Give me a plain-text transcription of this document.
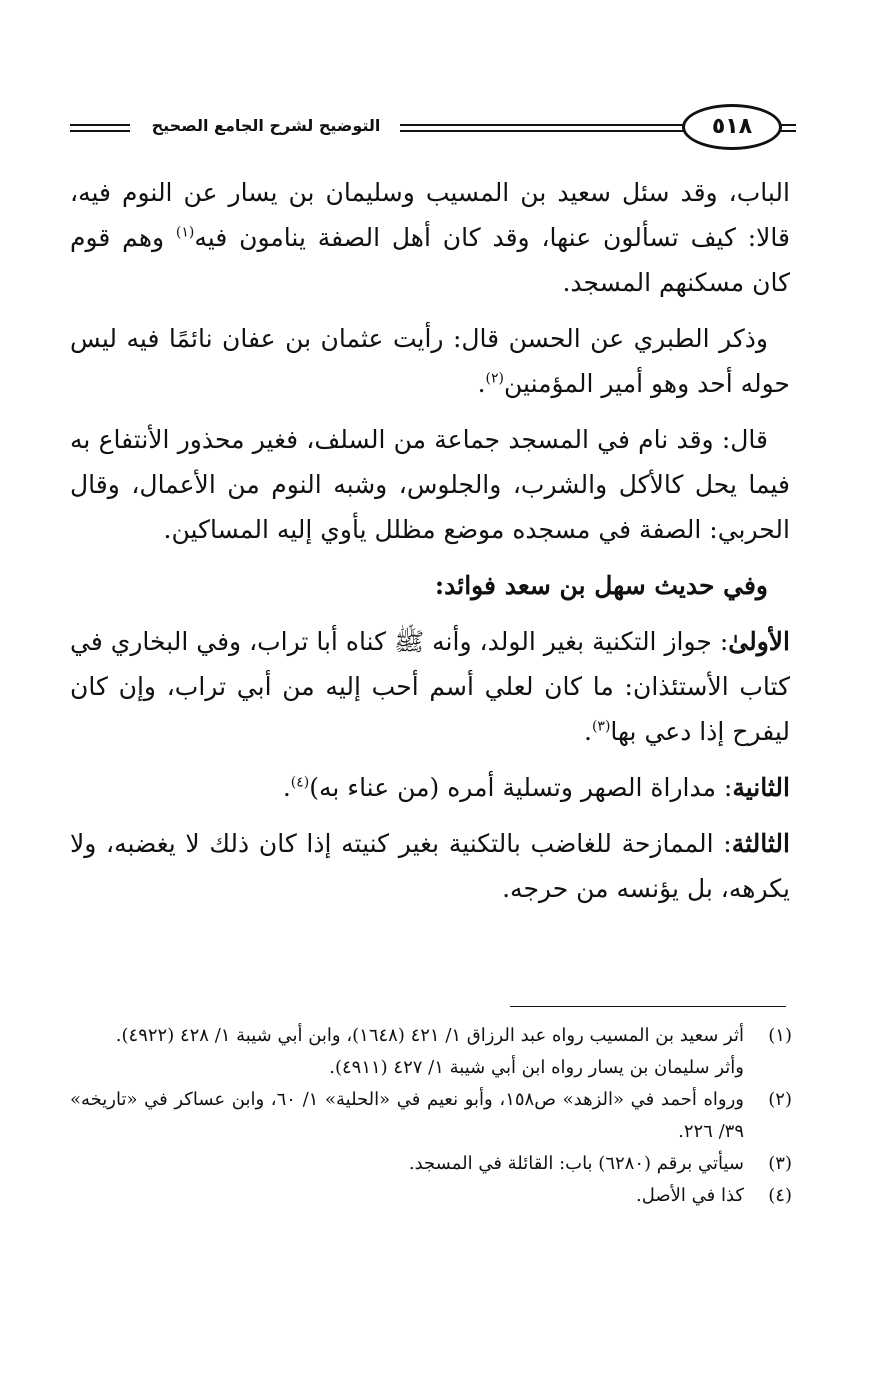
التوضيح لشرح الجامع الصحيح	٥١٨

الباب، وقد سئل سعيد بن المسيب وسليمان بن يسار عن النوم فيه، قالا: كيف تسألون عنها، وقد كان أهل الصفة ينامون فيه$^{(١)}$ وهم قوم كان مسكنهم المسجد.

وذكر الطبري عن الحسن قال: رأيت عثمان بن عفان نائمًا فيه ليس حوله أحد وهو أمير المؤمنين$^{(٢)}$.

قال: وقد نام في المسجد جماعة من السلف، فغير محذور الأنتفاع به فيما يحل كالأكل والشرب، والجلوس، وشبه النوم من الأعمال، وقال الحربي: الصفة في مسجده موضع مظلل يأوي إليه المساكين.

وفي حديث سهل بن سعد فوائد:

الأولىٰ: جواز التكنية بغير الولد، وأنه ﷺ كناه أبا تراب، وفي البخاري في كتاب الأستئذان: ما كان لعلي أسم أحب إليه من أبي تراب، وإن كان ليفرح إذا دعي بها$^{(٣)}$.

الثانية: مداراة الصهر وتسلية أمره (من عناء به)$^{(٤)}$.

الثالثة: الممازحة للغاضب بالتكنية بغير كنيته إذا كان ذلك لا يغضبه، ولا يكرهه، بل يؤنسه من حرجه.

(١)
أثر سعيد بن المسيب رواه عبد الرزاق ١/ ٤٢١ (١٦٤٨)، وابن أبي شيبة ١/ ٤٢٨ (٤٩٢٢).

وأثر سليمان بن يسار رواه ابن أبي شيبة ١/ ٤٢٧ (٤٩١١).

(٢)
ورواه أحمد في «الزهد» ص١٥٨، وأبو نعيم في «الحلية» ١/ ٦٠، وابن عساكر في «تاريخه» ٣٩/ ٢٢٦.
(٣)
سيأتي برقم (٦٢٨٠) باب: القائلة في المسجد.
(٤)
كذا في الأصل.
